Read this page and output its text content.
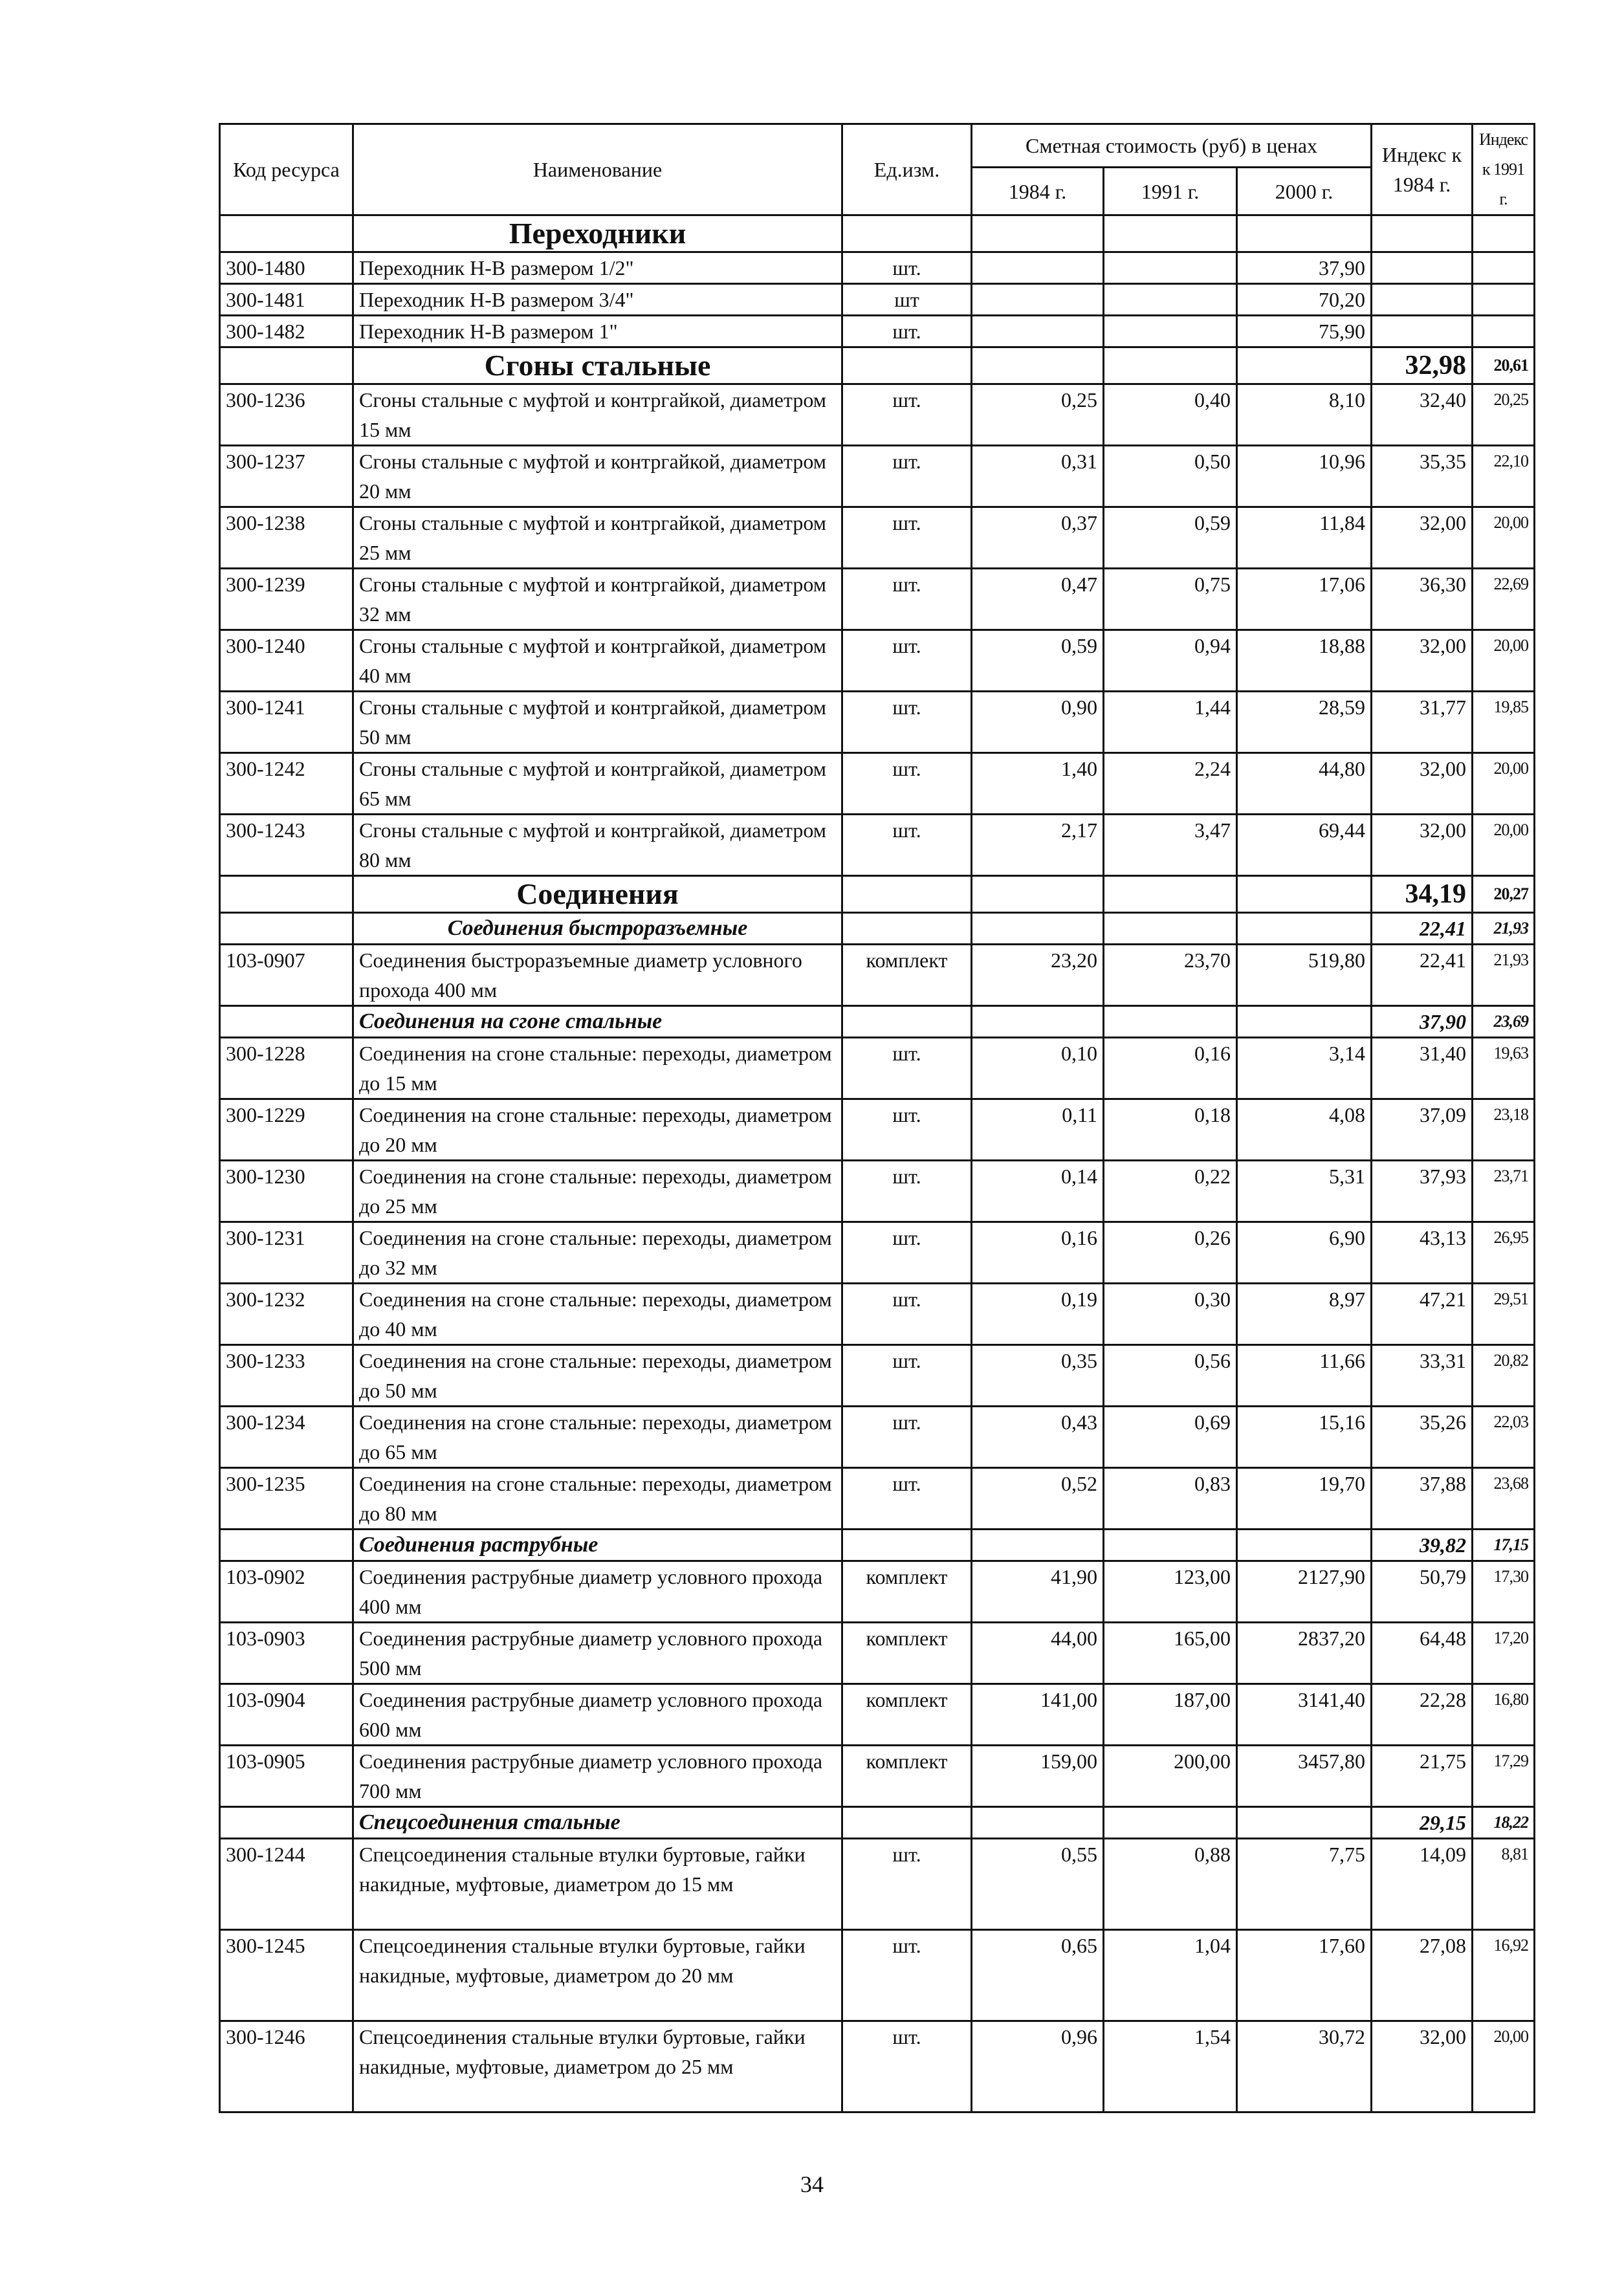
Код ресурса	Наименование	Ед.изм.	Сметная стоимость (руб) в ценах			Индекс к 1984 г.	Индекс к 1991 г.
			1984 г.	1991 г.	2000 г.		
	Переходники						
300-1480	Переходник Н-В размером 1/2"	шт.			37,90		
300-1481	Переходник Н-В размером 3/4"	шт			70,20		
300-1482	Переходник Н-В размером 1"	шт.			75,90		
	Сгоны стальные					32,98	20,61
300-1236	Сгоны стальные с муфтой и контргайкой, диаметром 15 мм	шт.	0,25	0,40	8,10	32,40	20,25
300-1237	Сгоны стальные с муфтой и контргайкой, диаметром 20 мм	шт.	0,31	0,50	10,96	35,35	22,10
300-1238	Сгоны стальные с муфтой и контргайкой, диаметром 25 мм	шт.	0,37	0,59	11,84	32,00	20,00
300-1239	Сгоны стальные с муфтой и контргайкой, диаметром 32 мм	шт.	0,47	0,75	17,06	36,30	22,69
300-1240	Сгоны стальные с муфтой и контргайкой, диаметром 40 мм	шт.	0,59	0,94	18,88	32,00	20,00
300-1241	Сгоны стальные с муфтой и контргайкой, диаметром 50 мм	шт.	0,90	1,44	28,59	31,77	19,85
300-1242	Сгоны стальные с муфтой и контргайкой, диаметром 65 мм	шт.	1,40	2,24	44,80	32,00	20,00
300-1243	Сгоны стальные с муфтой и контргайкой, диаметром 80 мм	шт.	2,17	3,47	69,44	32,00	20,00
	Соединения					34,19	20,27
	Соединения быстроразъемные					22,41	21,93
103-0907	Соединения быстроразъемные диаметр условного прохода 400 мм	комплект	23,20	23,70	519,80	22,41	21,93
	Соединения на сгоне стальные					37,90	23,69
300-1228	Соединения на сгоне стальные: переходы, диаметром до 15 мм	шт.	0,10	0,16	3,14	31,40	19,63
300-1229	Соединения на сгоне стальные: переходы, диаметром до 20 мм	шт.	0,11	0,18	4,08	37,09	23,18
300-1230	Соединения на сгоне стальные: переходы, диаметром до 25 мм	шт.	0,14	0,22	5,31	37,93	23,71
300-1231	Соединения на сгоне стальные: переходы, диаметром до 32 мм	шт.	0,16	0,26	6,90	43,13	26,95
300-1232	Соединения на сгоне стальные: переходы, диаметром до 40 мм	шт.	0,19	0,30	8,97	47,21	29,51
300-1233	Соединения на сгоне стальные: переходы, диаметром до 50 мм	шт.	0,35	0,56	11,66	33,31	20,82
300-1234	Соединения на сгоне стальные: переходы, диаметром до 65 мм	шт.	0,43	0,69	15,16	35,26	22,03
300-1235	Соединения на сгоне стальные: переходы, диаметром до 80 мм	шт.	0,52	0,83	19,70	37,88	23,68
	Соединения раструбные					39,82	17,15
103-0902	Соединения раструбные диаметр условного прохода 400 мм	комплект	41,90	123,00	2127,90	50,79	17,30
103-0903	Соединения раструбные диаметр условного прохода 500 мм	комплект	44,00	165,00	2837,20	64,48	17,20
103-0904	Соединения раструбные диаметр условного прохода 600 мм	комплект	141,00	187,00	3141,40	22,28	16,80
103-0905	Соединения раструбные диаметр условного прохода 700 мм	комплект	159,00	200,00	3457,80	21,75	17,29
	Спецсоединения стальные					29,15	18,22
300-1244	Спецсоединения стальные втулки буртовые, гайки накидные, муфтовые, диаметром до 15 мм	шт.	0,55	0,88	7,75	14,09	8,81
300-1245	Спецсоединения стальные втулки буртовые, гайки накидные, муфтовые, диаметром до 20 мм	шт.	0,65	1,04	17,60	27,08	16,92
300-1246	Спецсоединения стальные втулки буртовые, гайки накидные, муфтовые, диаметром до 25 мм	шт.	0,96	1,54	30,72	32,00	20,00
34
